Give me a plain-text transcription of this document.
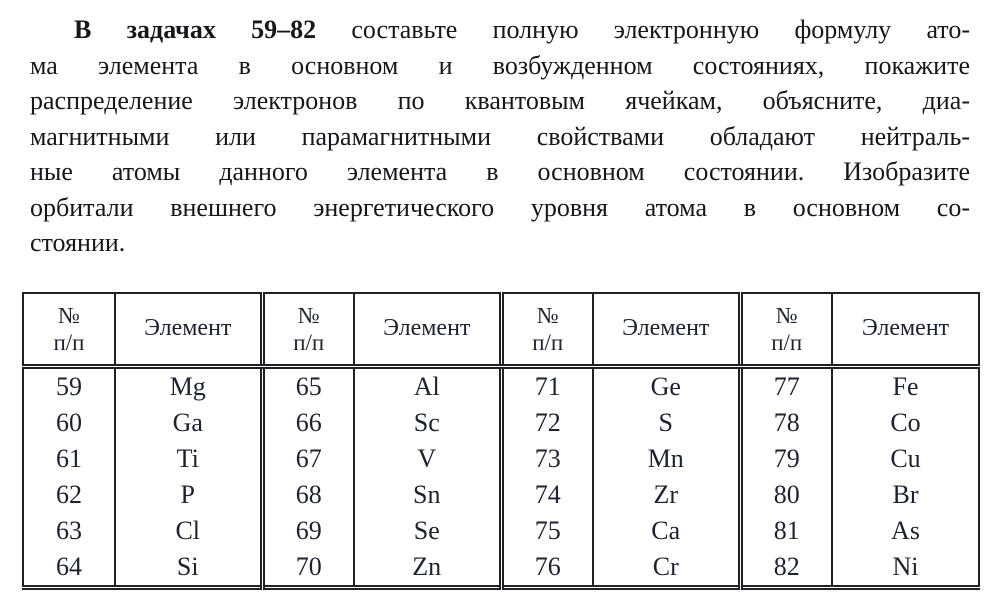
В задачах 59–82 составьте полную электронную формулу ато-
ма элемента в основном и возбужденном состояниях, покажите
распределение электронов по квантовым ячейкам, объясните, диа-
магнитными или парамагнитными свойствами обладают нейтраль-
ные атомы данного элемента в основном состоянии. Изобразите
орбитали внешнего энергетического уровня атома в основном со-
стоянии.
№
п/п
	Элемент	№
п/п
	Элемент	№
п/п
	Элемент	№
п/п
	Элемент
59	Mg	65	Al	71	Ge	77	Fe
60	Ga	66	Sc	72	S	78	Co
61	Ti	67	V	73	Mn	79	Cu
62	P	68	Sn	74	Zr	80	Br
63	Cl	69	Se	75	Ca	81	As
64	Si	70	Zn	76	Cr	82	Ni
